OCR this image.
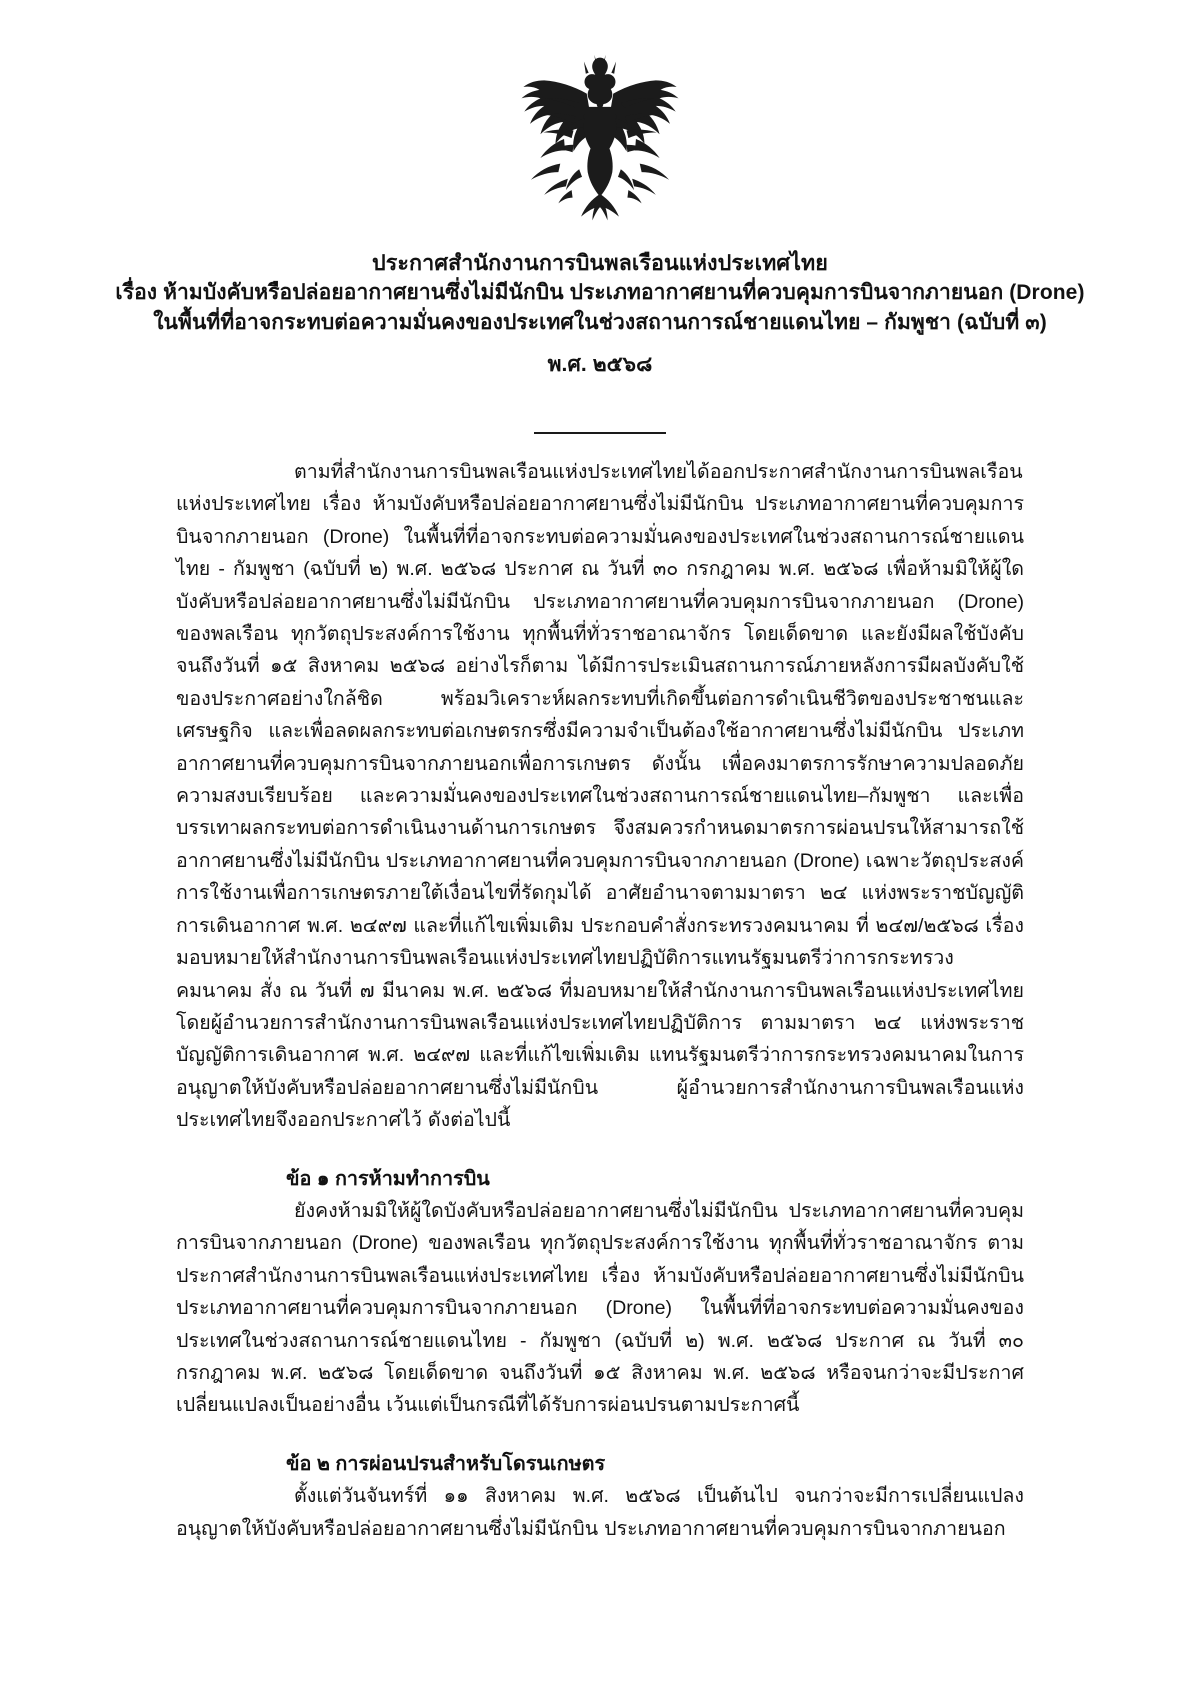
ประกาศสำนักงานการบินพลเรือนแห่งประเทศไทย
เรื่อง ห้ามบังคับหรือปล่อยอากาศยานซึ่งไม่มีนักบิน ประเภทอากาศยานที่ควบคุมการบินจากภายนอก (Drone)
ในพื้นที่ที่อาจกระทบต่อความมั่นคงของประเทศในช่วงสถานการณ์ชายแดนไทย – กัมพูชา (ฉบับที่ ๓)
พ.ศ. ๒๕๖๘

ตามที่สำนักงานการบินพลเรือนแห่งประเทศไทยได้ออกประกาศสำนักงานการบินพลเรือนแห่งประเทศไทย เรื่อง ห้ามบังคับหรือปล่อยอากาศยานซึ่งไม่มีนักบิน ประเภทอากาศยานที่ควบคุมการบินจากภายนอก (Drone) ในพื้นที่ที่อาจกระทบต่อความมั่นคงของประเทศในช่วงสถานการณ์ชายแดนไทย - กัมพูชา (ฉบับที่ ๒) พ.ศ. ๒๕๖๘ ประกาศ ณ วันที่ ๓๐ กรกฎาคม พ.ศ. ๒๕๖๘ เพื่อห้ามมิให้ผู้ใดบังคับหรือปล่อยอากาศยานซึ่งไม่มีนักบิน ประเภทอากาศยานที่ควบคุมการบินจากภายนอก (Drone) ของพลเรือน ทุกวัตถุประสงค์การใช้งาน ทุกพื้นที่ทั่วราชอาณาจักร โดยเด็ดขาด และยังมีผลใช้บังคับจนถึงวันที่ ๑๕ สิงหาคม ๒๕๖๘ อย่างไรก็ตาม ได้มีการประเมินสถานการณ์ภายหลังการมีผลบังคับใช้ของประกาศอย่างใกล้ชิด พร้อมวิเคราะห์ผลกระทบที่เกิดขึ้นต่อการดำเนินชีวิตของประชาชนและเศรษฐกิจ และเพื่อลดผลกระทบต่อเกษตรกรซึ่งมีความจำเป็นต้องใช้อากาศยานซึ่งไม่มีนักบิน ประเภทอากาศยานที่ควบคุมการบินจากภายนอกเพื่อการเกษตร ดังนั้น เพื่อคงมาตรการรักษาความปลอดภัย ความสงบเรียบร้อย และความมั่นคงของประเทศในช่วงสถานการณ์ชายแดนไทย–กัมพูชา และเพื่อบรรเทาผลกระทบต่อการดำเนินงานด้านการเกษตร จึงสมควรกำหนดมาตรการผ่อนปรนให้สามารถใช้อากาศยานซึ่งไม่มีนักบิน ประเภทอากาศยานที่ควบคุมการบินจากภายนอก (Drone) เฉพาะวัตถุประสงค์การใช้งานเพื่อการเกษตรภายใต้เงื่อนไขที่รัดกุมได้ อาศัยอำนาจตามมาตรา ๒๔ แห่งพระราชบัญญัติการเดินอากาศ พ.ศ. ๒๔๙๗ และที่แก้ไขเพิ่มเติม ประกอบคำสั่งกระทรวงคมนาคม ที่ ๒๔๗/๒๕๖๘ เรื่อง มอบหมายให้สำนักงานการบินพลเรือนแห่งประเทศไทยปฏิบัติการแทนรัฐมนตรีว่าการกระทรวงคมนาคม สั่ง ณ วันที่ ๗ มีนาคม พ.ศ. ๒๕๖๘ ที่มอบหมายให้สำนักงานการบินพลเรือนแห่งประเทศไทยโดยผู้อำนวยการสำนักงานการบินพลเรือนแห่งประเทศไทยปฏิบัติการ ตามมาตรา ๒๔ แห่งพระราชบัญญัติการเดินอากาศ พ.ศ. ๒๔๙๗ และที่แก้ไขเพิ่มเติม แทนรัฐมนตรีว่าการกระทรวงคมนาคมในการอนุญาตให้บังคับหรือปล่อยอากาศยานซึ่งไม่มีนักบิน ผู้อำนวยการสำนักงานการบินพลเรือนแห่งประเทศไทยจึงออกประกาศไว้ ดังต่อไปนี้

ข้อ ๑ การห้ามทำการบิน

ยังคงห้ามมิให้ผู้ใดบังคับหรือปล่อยอากาศยานซึ่งไม่มีนักบิน ประเภทอากาศยานที่ควบคุมการบินจากภายนอก (Drone) ของพลเรือน ทุกวัตถุประสงค์การใช้งาน ทุกพื้นที่ทั่วราชอาณาจักร ตามประกาศสำนักงานการบินพลเรือนแห่งประเทศไทย เรื่อง ห้ามบังคับหรือปล่อยอากาศยานซึ่งไม่มีนักบิน ประเภทอากาศยานที่ควบคุมการบินจากภายนอก (Drone) ในพื้นที่ที่อาจกระทบต่อความมั่นคงของประเทศในช่วงสถานการณ์ชายแดนไทย - กัมพูชา (ฉบับที่ ๒) พ.ศ. ๒๕๖๘ ประกาศ ณ วันที่ ๓๐ กรกฎาคม พ.ศ. ๒๕๖๘ โดยเด็ดขาด จนถึงวันที่ ๑๕ สิงหาคม พ.ศ. ๒๕๖๘ หรือจนกว่าจะมีประกาศเปลี่ยนแปลงเป็นอย่างอื่น เว้นแต่เป็นกรณีที่ได้รับการผ่อนปรนตามประกาศนี้

ข้อ ๒ การผ่อนปรนสำหรับโดรนเกษตร

ตั้งแต่วันจันทร์ที่ ๑๑ สิงหาคม พ.ศ. ๒๕๖๘ เป็นต้นไป จนกว่าจะมีการเปลี่ยนแปลง อนุญาตให้บังคับหรือปล่อยอากาศยานซึ่งไม่มีนักบิน ประเภทอากาศยานที่ควบคุมการบินจากภายนอก
